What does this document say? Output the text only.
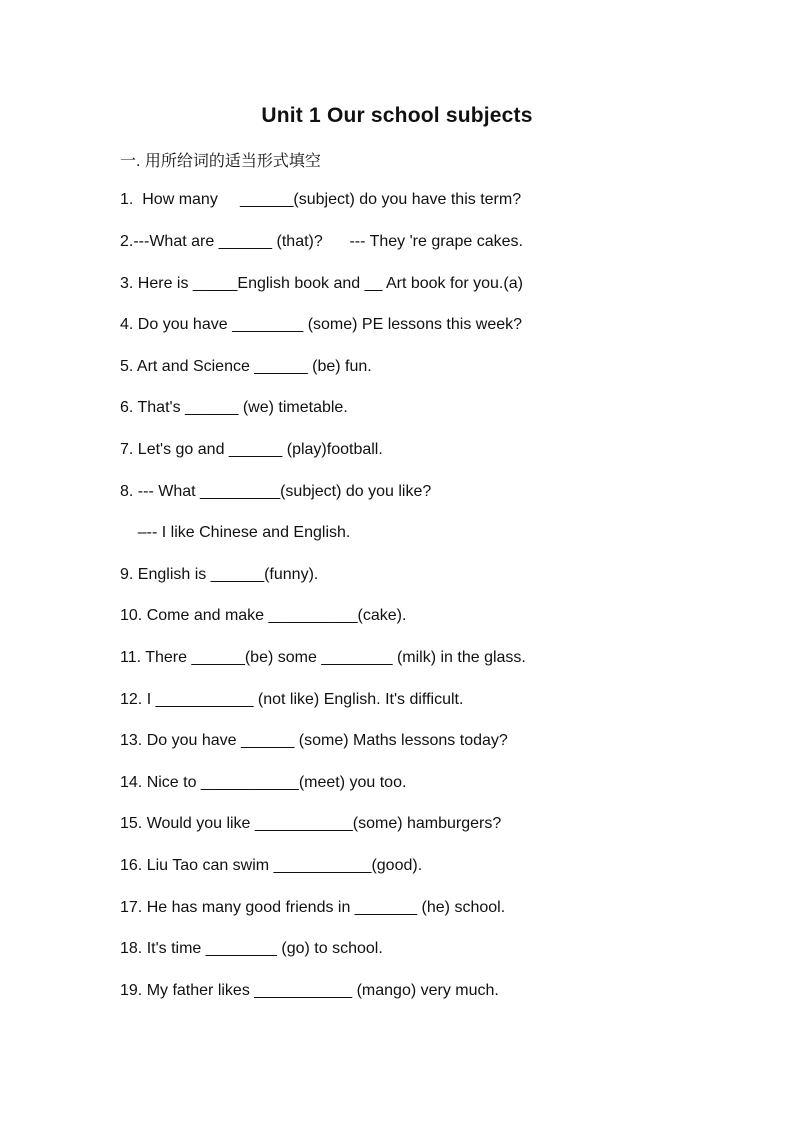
Unit 1 Our school subjects
一. 用所给词的适当形式填空

1.  How many     ______(subject) do you have this term?

2.---What are ______ (that)?      --- They 're grape cakes.

3. Here is _____English book and __ Art book for you.(a)

4. Do you have ________ (some) PE lessons this week?

5. Art and Science ______ (be) fun.

6. That's ______ (we) timetable.

7. Let's go and ______ (play)football.

8. --- What _________(subject) do you like?

–-- I like Chinese and English.

9. English is ______(funny).

10. Come and make __________(cake).

11. There ______(be) some ________ (milk) in the glass.

12. I ___________ (not like) English. It's difficult.

13. Do you have ______ (some) Maths lessons today?

14. Nice to ___________(meet) you too.

15. Would you like ___________(some) hamburgers?

16. Liu Tao can swim ___________(good).

17. He has many good friends in _______ (he) school.

18. It's time ________ (go) to school.

19. My father likes ___________ (mango) very much.
